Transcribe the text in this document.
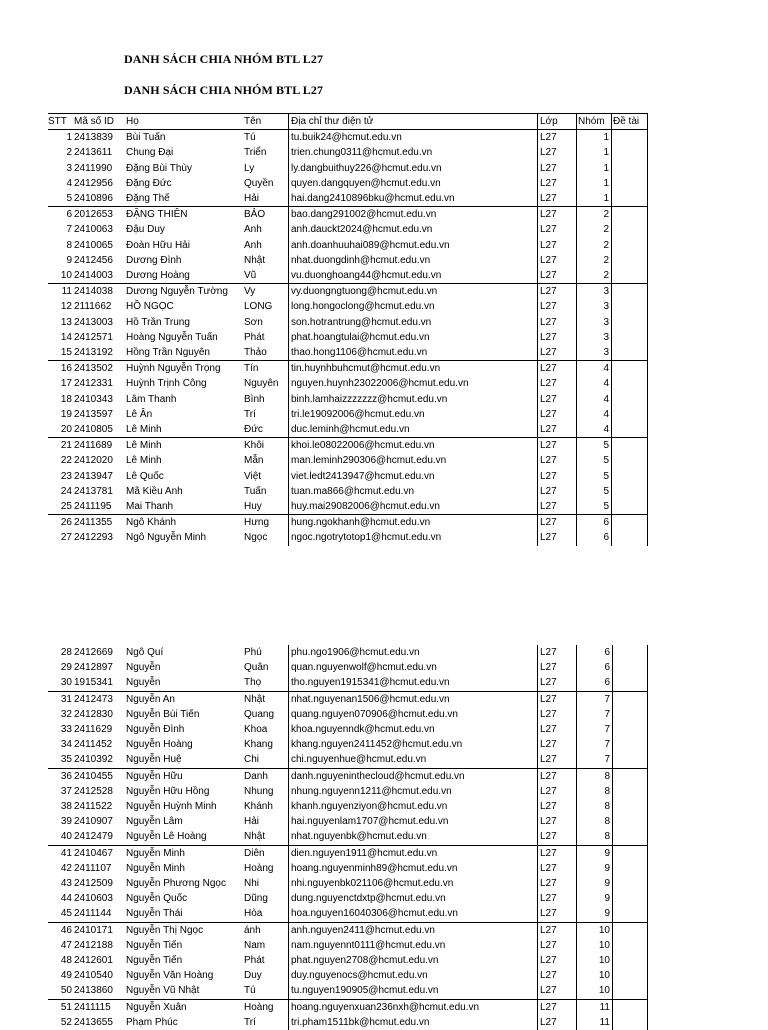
DANH SÁCH CHIA NHÓM BTL L27
DANH SÁCH CHIA NHÓM BTL L27
STT	Mã số ID	Họ	Tên	Địa chỉ thư điện tử	Lớp	Nhóm	Đề tài
1	2413839	Bùi Tuấn	Tú	tu.buik24@hcmut.edu.vn	L27	1	
2	2413611	Chung Đại	Triển	trien.chung0311@hcmut.edu.vn	L27	1	
3	2411990	Đặng Bùi Thùy	Ly	ly.dangbuithuy226@hcmut.edu.vn	L27	1	
4	2412956	Đặng Đức	Quyền	quyen.dangquyen@hcmut.edu.vn	L27	1	
5	2410896	Đặng Thế	Hải	hai.dang2410896bku@hcmut.edu.vn	L27	1	
6	2012653	ĐẶNG THIÊN	BẢO	bao.dang291002@hcmut.edu.vn	L27	2	
7	2410063	Đậu Duy	Anh	anh.dauckt2024@hcmut.edu.vn	L27	2	
8	2410065	Đoàn Hữu Hải	Anh	anh.doanhuuhai089@hcmut.edu.vn	L27	2	
9	2412456	Dương Đình	Nhật	nhat.duongdinh@hcmut.edu.vn	L27	2	
10	2414003	Dương Hoàng	Vũ	vu.duonghoang44@hcmut.edu.vn	L27	2	
11	2414038	Dương Nguyễn Tường	Vy	vy.duongngtuong@hcmut.edu.vn	L27	3	
12	2111662	HỒ NGỌC	LONG	long.hongoclong@hcmut.edu.vn	L27	3	
13	2413003	Hồ Trần Trung	Sơn	son.hotrantrung@hcmut.edu.vn	L27	3	
14	2412571	Hoàng Nguyễn Tuấn	Phát	phat.hoangtulai@hcmut.edu.vn	L27	3	
15	2413192	Hồng Trần Nguyên	Thảo	thao.hong1106@hcmut.edu.vn	L27	3	
16	2413502	Huỳnh Nguyễn Trọng	Tín	tin.huynhbuhcmut@hcmut.edu.vn	L27	4	
17	2412331	Huỳnh Trịnh Công	Nguyên	nguyen.huynh23022006@hcmut.edu.vn	L27	4	
18	2410343	Lâm Thanh	Bình	binh.lamhaizzzzzzz@hcmut.edu.vn	L27	4	
19	2413597	Lê Ân	Trí	tri.le19092006@hcmut.edu.vn	L27	4	
20	2410805	Lê Minh	Đức	duc.leminh@hcmut.edu.vn	L27	4	
21	2411689	Lê Minh	Khôi	khoi.le08022006@hcmut.edu.vn	L27	5	
22	2412020	Lê Minh	Mẫn	man.leminh290306@hcmut.edu.vn	L27	5	
23	2413947	Lê Quốc	Việt	viet.ledt2413947@hcmut.edu.vn	L27	5	
24	2413781	Mã Kiều Anh	Tuấn	tuan.ma866@hcmut.edu.vn	L27	5	
25	2411195	Mai Thanh	Huy	huy.mai29082006@hcmut.edu.vn	L27	5	
26	2411355	Ngô Khánh	Hưng	hung.ngokhanh@hcmut.edu.vn	L27	6	
27	2412293	Ngô Nguyễn Minh	Ngọc	ngoc.ngotrytotop1@hcmut.edu.vn	L27	6	
28	2412669	Ngô Quí	Phú	phu.ngo1906@hcmut.edu.vn	L27	6	
29	2412897	Nguyễn	Quân	quan.nguyenwolf@hcmut.edu.vn	L27	6	
30	1915341	Nguyễn	Thọ	tho.nguyen1915341@hcmut.edu.vn	L27	6	
31	2412473	Nguyễn An	Nhật	nhat.nguyenan1506@hcmut.edu.vn	L27	7	
32	2412830	Nguyễn Bùi Tiến	Quang	quang.nguyen070906@hcmut.edu.vn	L27	7	
33	2411629	Nguyễn Đình	Khoa	khoa.nguyenndk@hcmut.edu.vn	L27	7	
34	2411452	Nguyễn Hoàng	Khang	khang.nguyen2411452@hcmut.edu.vn	L27	7	
35	2410392	Nguyễn Huệ	Chi	chi.nguyenhue@hcmut.edu.vn	L27	7	
36	2410455	Nguyễn Hữu	Danh	danh.nguyeninthecloud@hcmut.edu.vn	L27	8	
37	2412528	Nguyễn Hữu Hồng	Nhung	nhung.nguyenn1211@hcmut.edu.vn	L27	8	
38	2411522	Nguyễn Huỳnh Minh	Khánh	khanh.nguyenziyon@hcmut.edu.vn	L27	8	
39	2410907	Nguyễn Lâm	Hải	hai.nguyenlam1707@hcmut.edu.vn	L27	8	
40	2412479	Nguyễn Lê Hoàng	Nhật	nhat.nguyenbk@hcmut.edu.vn	L27	8	
41	2410467	Nguyễn Minh	Diên	dien.nguyen1911@hcmut.edu.vn	L27	9	
42	2411107	Nguyễn Minh	Hoàng	hoang.nguyenminh89@hcmut.edu.vn	L27	9	
43	2412509	Nguyễn Phương Ngọc	Nhi	nhi.nguyenbk021106@hcmut.edu.vn	L27	9	
44	2410603	Nguyễn Quốc	Dũng	dung.nguyenctdxtp@hcmut.edu.vn	L27	9	
45	2411144	Nguyễn Thái	Hòa	hoa.nguyen16040306@hcmut.edu.vn	L27	9	
46	2410171	Nguyễn Thị Ngọc	ánh	anh.nguyen2411@hcmut.edu.vn	L27	10	
47	2412188	Nguyễn Tiến	Nam	nam.nguyennt0111@hcmut.edu.vn	L27	10	
48	2412601	Nguyễn Tiến	Phát	phat.nguyen2708@hcmut.edu.vn	L27	10	
49	2410540	Nguyễn Văn Hoàng	Duy	duy.nguyenocs@hcmut.edu.vn	L27	10	
50	2413860	Nguyễn Vũ Nhật	Tú	tu.nguyen190905@hcmut.edu.vn	L27	10	
51	2411115	Nguyễn Xuân	Hoàng	hoang.nguyenxuan236nxh@hcmut.edu.vn	L27	11	
52	2413655	Phạm Phúc	Trí	tri.pham1511bk@hcmut.edu.vn	L27	11	
